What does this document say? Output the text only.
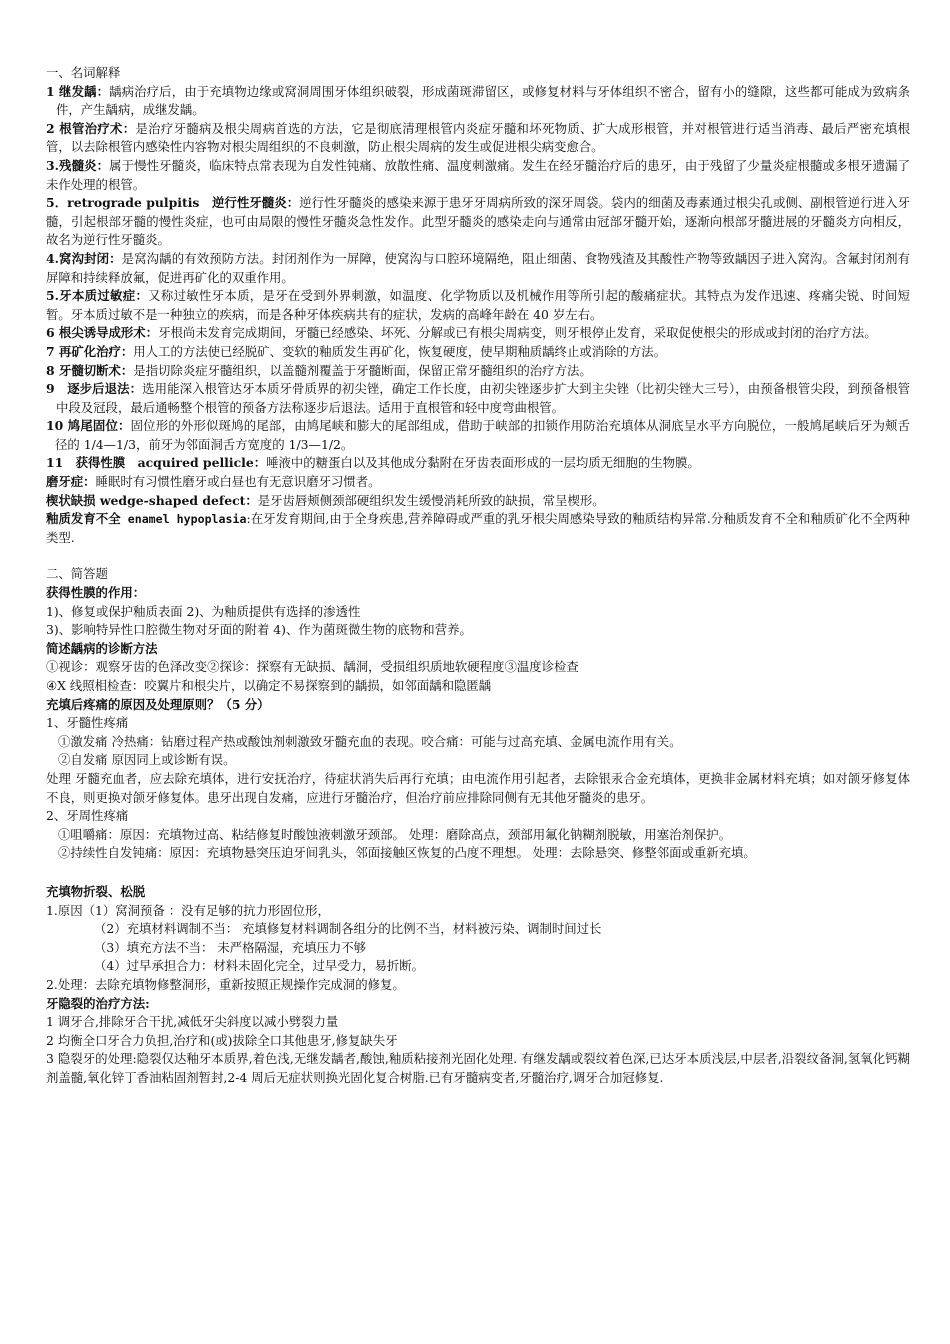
一、名词解释

1 继发龋：龋病治疗后，由于充填物边缘或窝洞周围牙体组织破裂，形成菌斑滞留区，或修复材料与牙体组织不密合，留有小的缝隙，这些都可能成为致病条件，产生龋病，成继发龋。

2 根管治疗术：是治疗牙髓病及根尖周病首选的方法，它是彻底清理根管内炎症牙髓和坏死物质、扩大成形根管，并对根管进行适当消毒、最后严密充填根管，以去除根管内感染性内容物对根尖周组织的不良刺激，防止根尖周病的发生或促进根尖病变愈合。

3.残髓炎：属于慢性牙髓炎，临床特点常表现为自发性钝痛、放散性痛、温度刺激痛。发生在经牙髓治疗后的患牙，由于残留了少量炎症根髓或多根牙遗漏了未作处理的根管。

5．retrograde pulpitis　逆行性牙髓炎：逆行性牙髓炎的感染来源于患牙牙周病所致的深牙周袋。袋内的细菌及毒素通过根尖孔或侧、副根管逆行进入牙髓，引起根部牙髓的慢性炎症，也可由局限的慢性牙髓炎急性发作。此型牙髓炎的感染走向与通常由冠部牙髓开始，逐渐向根部牙髓进展的牙髓炎方向相反，故名为逆行性牙髓炎。

4.窝沟封闭：是窝沟龋的有效预防方法。封闭剂作为一屏障，使窝沟与口腔环境隔绝，阻止细菌、食物残渣及其酸性产物等致龋因子进入窝沟。含氟封闭剂有屏障和持续释放氟，促进再矿化的双重作用。

5.牙本质过敏症：又称过敏性牙本质，是牙在受到外界刺激，如温度、化学物质以及机械作用等所引起的酸痛症状。其特点为发作迅速、疼痛尖锐、时间短暂。牙本质过敏不是一种独立的疾病，而是各种牙体疾病共有的症状，发病的高峰年龄在 40 岁左右。

6 根尖诱导成形术：牙根尚未发育完成期间，牙髓已经感染、坏死、分解或已有根尖周病变，则牙根停止发育，采取促使根尖的形成或封闭的治疗方法。

7 再矿化治疗：用人工的方法使已经脱矿、变软的釉质发生再矿化，恢复硬度，使早期釉质龋终止或消除的方法。

8 牙髓切断术：是指切除炎症牙髓组织，以盖髓剂覆盖于牙髓断面，保留正常牙髓组织的治疗方法。

9　逐步后退法：选用能深入根管达牙本质牙骨质界的初尖锉，确定工作长度，由初尖锉逐步扩大到主尖锉（比初尖锉大三号），由预备根管尖段，到预备根管中段及冠段，最后通畅整个根管的预备方法称逐步后退法。适用于直根管和轻中度弯曲根管。

10 鸠尾固位：固位形的外形似斑鸠的尾部，由鸠尾峡和膨大的尾部组成，借助于峡部的扣锁作用防治充填体从洞底呈水平方向脱位，一般鸠尾峡后牙为颊舌径的 1/4—1/3，前牙为邻面洞舌方宽度的 1/3—1/2。

11　获得性膜　acquired pellicle：唾液中的糖蛋白以及其他成分黏附在牙齿表面形成的一层均质无细胞的生物膜。

磨牙症：睡眠时有习惯性磨牙或白昼也有无意识磨牙习惯者。

楔状缺损 wedge-shaped defect：是牙齿唇颊侧颈部硬组织发生缓慢消耗所致的缺损，常呈楔形。

釉质发育不全 enamel hypoplasia:在牙发育期间,由于全身疾患,营养障碍或严重的乳牙根尖周感染导致的釉质结构异常.分釉质发育不全和釉质矿化不全两种类型.

二、简答题

获得性膜的作用：

1)、修复或保护釉质表面 2)、为釉质提供有选择的渗透性

3)、影响特异性口腔微生物对牙面的附着 4)、作为菌斑微生物的底物和营养。

简述龋病的诊断方法

①视诊：观察牙齿的色泽改变②探诊：探察有无缺损、龋洞，受损组织质地软硬程度③温度诊检查

④X 线照相检查：咬翼片和根尖片，以确定不易探察到的龋损，如邻面龋和隐匿龋

充填后疼痛的原因及处理原则？（5 分）

1、牙髓性疼痛

①激发痛 冷热痛：钻磨过程产热或酸蚀剂刺激致牙髓充血的表现。咬合痛：可能与过高充填、金属电流作用有关。

②自发痛 原因同上或诊断有误。

处理 牙髓充血者，应去除充填体，进行安抚治疗，待症状消失后再行充填；由电流作用引起者，去除银汞合金充填体，更换非金属材料充填；如对颌牙修复体不良，则更换对颌牙修复体。患牙出现自发痛，应进行牙髓治疗，但治疗前应排除同侧有无其他牙髓炎的患牙。

2、牙周性疼痛

①咀嚼痛：原因：充填物过高、粘结修复时酸蚀液刺激牙颈部。 处理：磨除高点，颈部用氟化钠糊剂脱敏，用塞治剂保护。

②持续性自发钝痛：原因：充填物悬突压迫牙间乳头，邻面接触区恢复的凸度不理想。 处理：去除悬突、修整邻面或重新充填。

充填物折裂、松脱

1.原因（1）窝洞预备 ：没有足够的抗力形固位形，

（2）充填材料调制不当： 充填修复材料调制各组分的比例不当，材料被污染、调制时间过长

（3）填充方法不当： 未严格隔湿，充填压力不够

（4）过早承担合力：材料未固化完全，过早受力，易折断。

2.处理：去除充填物修整洞形，重新按照正规操作完成洞的修复。

牙隐裂的治疗方法:

1 调牙合,排除牙合干扰,减低牙尖斜度以减小劈裂力量

2 均衡全口牙合力负担,治疗和(或)拔除全口其他患牙,修复缺失牙

3 隐裂牙的处理:隐裂仅达釉牙本质界,着色浅,无继发龋者,酸蚀,釉质粘接剂光固化处理. 有继发龋或裂纹着色深,已达牙本质浅层,中层者,沿裂纹备洞,氢氧化钙糊剂盖髓,氧化锌丁香油粘固剂暂封,2-4 周后无症状则换光固化复合树脂.已有牙髓病变者,牙髓治疗,调牙合加冠修复.
